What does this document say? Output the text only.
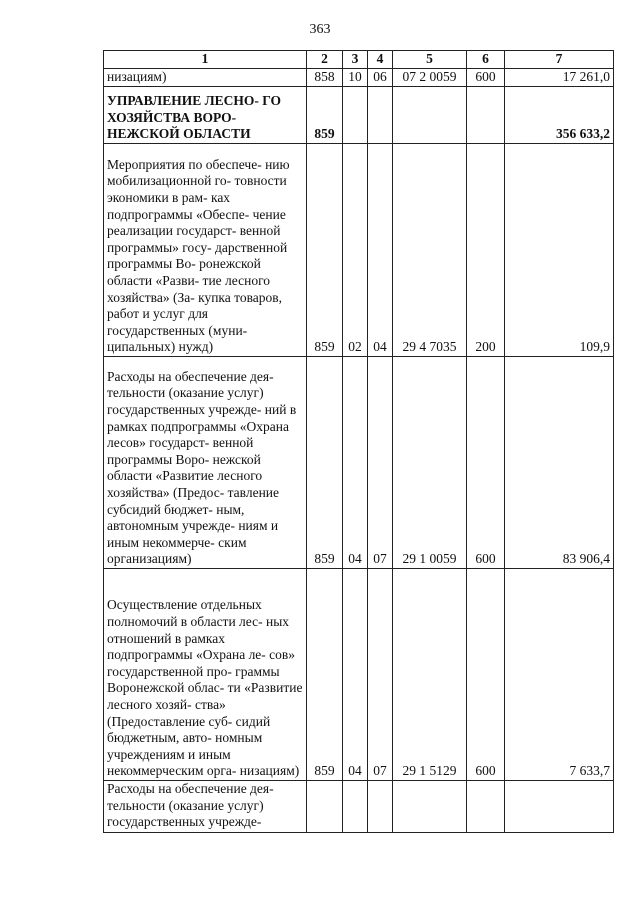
363
1	2	3	4	5	6	7
низациям)	858	10	06	07 2 0059	600	17 261,0
УПРАВЛЕНИЕ ЛЕСНО- ГО ХОЗЯЙСТВА ВОРО- НЕЖСКОЙ ОБЛАСТИ	859					356 633,2
Мероприятия по обеспече- нию мобилизационной го- товности экономики в рам- ках подпрограммы «Обеспе- чение реализации государст- венной программы» госу- дарственной программы Во- ронежской области «Разви- тие лесного хозяйства» (За- купка товаров, работ и услуг для государственных (муни- ципальных) нужд)	859	02	04	29 4 7035	200	109,9
Расходы на обеспечение дея- тельности (оказание услуг) государственных учрежде- ний в рамках подпрограммы «Охрана лесов» государст- венной программы Воро- нежской области «Развитие лесного хозяйства» (Предос- тавление субсидий бюджет- ным, автономным учрежде- ниям и иным некоммерче- ским организациям)	859	04	07	29 1 0059	600	83 906,4
Осуществление отдельных полномочий в области лес- ных отношений в рамках подпрограммы «Охрана ле- сов» государственной про- граммы Воронежской облас- ти «Развитие лесного хозяй- ства» (Предоставление суб- сидий бюджетным, авто- номным учреждениям и иным некоммерческим орга- низациям)	859	04	07	29 1 5129	600	7 633,7
Расходы на обеспечение дея- тельности (оказание услуг) государственных учрежде-						
